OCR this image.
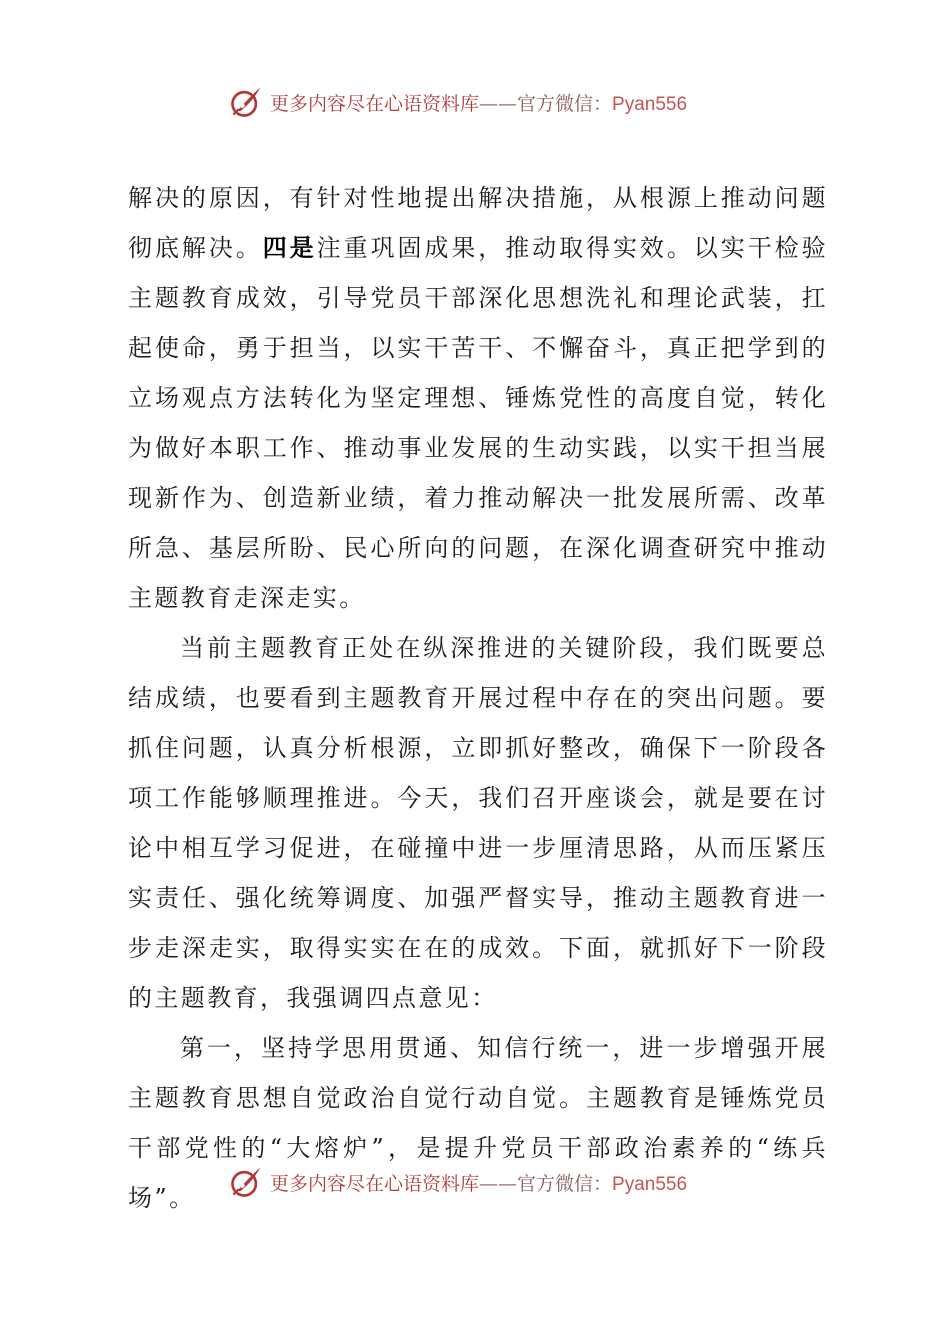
更多内容尽在心语资料库——官方微信：Pyan556

解决的原因，有针对性地提出解决措施，从根源上推动问题彻底解决。四是注重巩固成果，推动取得实效。以实干检验主题教育成效，引导党员干部深化思想洗礼和理论武装，扛起使命，勇于担当，以实干苦干、不懈奋斗，真正把学到的立场观点方法转化为坚定理想、锤炼党性的高度自觉，转化为做好本职工作、推动事业发展的生动实践，以实干担当展现新作为、创造新业绩，着力推动解决一批发展所需、改革所急、基层所盼、民心所向的问题，在深化调查研究中推动主题教育走深走实。

当前主题教育正处在纵深推进的关键阶段，我们既要总结成绩，也要看到主题教育开展过程中存在的突出问题。要抓住问题，认真分析根源，立即抓好整改，确保下一阶段各项工作能够顺理推进。今天，我们召开座谈会，就是要在讨论中相互学习促进，在碰撞中进一步厘清思路，从而压紧压实责任、强化统筹调度、加强严督实导，推动主题教育进一步走深走实，取得实实在在的成效。下面，就抓好下一阶段的主题教育，我强调四点意见：

第一，坚持学思用贯通、知信行统一，进一步增强开展主题教育思想自觉政治自觉行动自觉。主题教育是锤炼党员干部党性的“大熔炉”，是提升党员干部政治素养的“练兵场”。

更多内容尽在心语资料库——官方微信：Pyan556
